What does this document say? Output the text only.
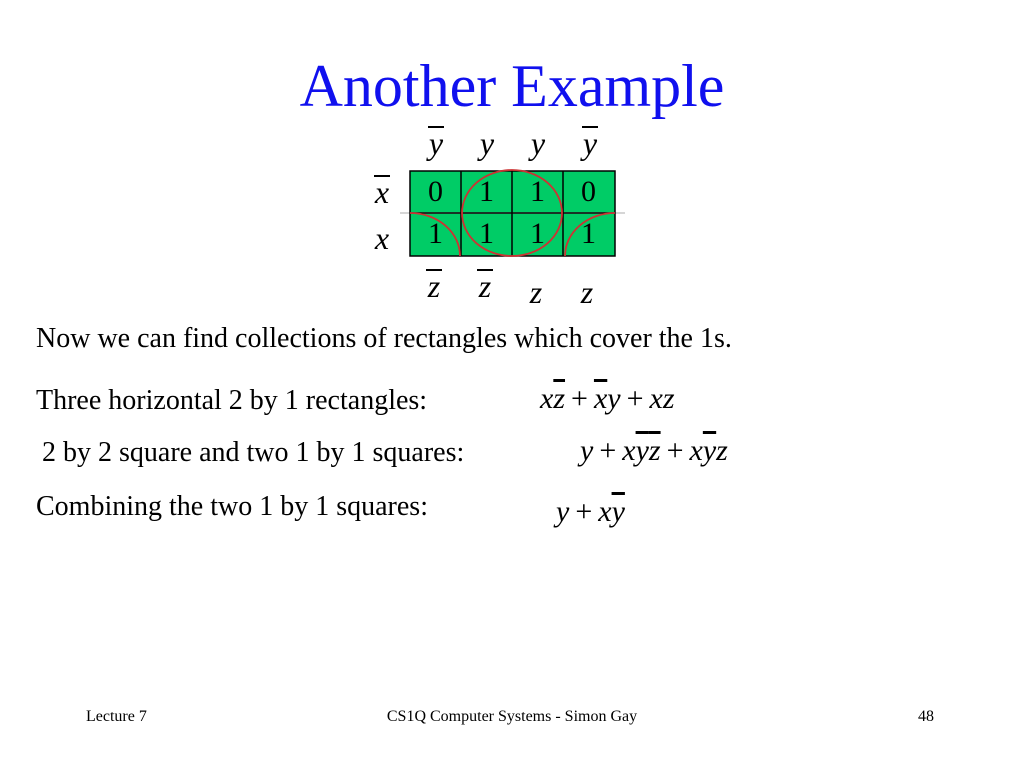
Another Example
y	y	y	y
x
x
0	1	1	0
1	1	1	1
z	z	z	z
Now we can find collections of rectangles which cover the 1s.
Three horizontal 2 by 1 rectangles:	$x\overline{z} + \overline{x}y$ + xz
2 by 2 square and two 1 by 1 squares:	$y + x\overline{y}\overline{z} + x\overline{y}z$
Combining the two 1 by 1 squares:	$y + x\overline{y}$
Lecture 7	CS1Q Computer Systems - Simon Gay	48
